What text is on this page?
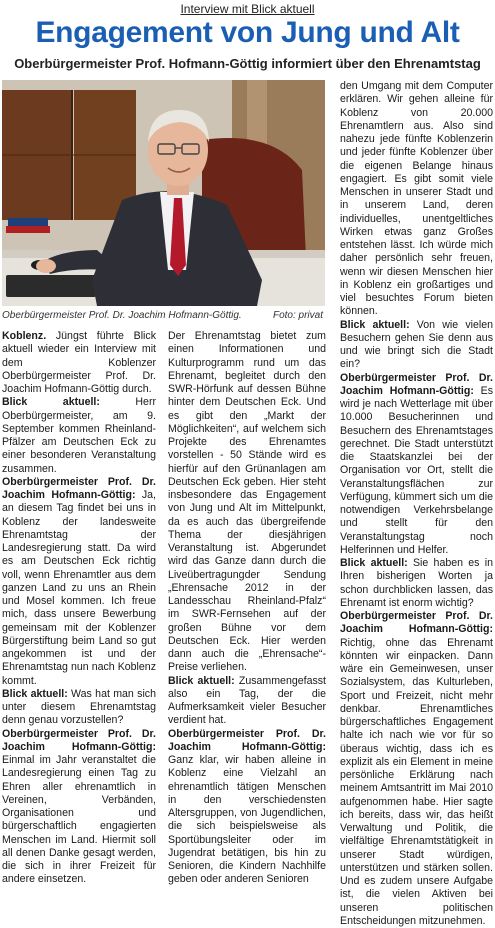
Interview mit Blick aktuell
Engagement von Jung und Alt
Oberbürgermeister Prof. Hofmann-Göttig informiert über den Ehrenamtstag
Oberbürgermeister Prof. Dr. Joachim Hofmann-Göttig.	Foto: privat

Koblenz. Jüngst führte Blick aktuell wieder ein Interview mit dem Koblenzer Oberbürgermeister Prof. Dr. Joachim Hofmann-Göttig durch.

Blick aktuell: Herr Oberbürgermeister, am 9. September kommen Rheinland-Pfälzer am Deutschen Eck zu einer besonderen Veranstaltung zusammen.

Oberbürgermeister Prof. Dr. Joachim Hofmann-Göttig: Ja, an diesem Tag findet bei uns in Koblenz der landesweite Ehrenamtstag der Landesregierung statt. Da wird es am Deutschen Eck richtig voll, wenn Ehrenamtler aus dem ganzen Land zu uns an Rhein und Mosel kommen. Ich freue mich, dass unsere Bewerbung gemeinsam mit der Koblenzer Bürgerstiftung beim Land so gut angekommen ist und der Ehrenamtstag nun nach Koblenz kommt.

Blick aktuell: Was hat man sich unter diesem Ehrenamtstag denn genau vorzustellen?

Oberbürgermeister Prof. Dr. Joachim Hofmann-Göttig: Einmal im Jahr veranstaltet die Landesregierung einen Tag zu Ehren aller ehrenamtlich in Vereinen, Verbänden, Organisationen und bürgerschaftlich engagierten Menschen im Land. Hiermit soll all denen Danke gesagt werden, die sich in ihrer Freizeit für andere einsetzen.

Der Ehrenamtstag bietet zum einen Informationen und Kulturprogramm rund um das Ehrenamt, begleitet durch den SWR-Hörfunk auf dessen Bühne hinter dem Deutschen Eck. Und es gibt den „Markt der Möglichkeiten“, auf welchem sich Projekte des Ehrenamtes vorstellen - 50 Stände wird es hierfür auf den Grünanlagen am Deutschen Eck geben. Hier steht insbesondere das Engagement von Jung und Alt im Mittelpunkt, da es auch das übergreifende Thema der diesjährigen Veranstaltung ist. Abgerundet wird das Ganze dann durch die Liveübertragungder Sendung „Ehrensache 2012 in der Landesschau Rheinland-Pfalz“ im SWR-Fernsehen auf der großen Bühne vor dem Deutschen Eck. Hier werden dann auch die „Ehrensache“-Preise verliehen.

Blick aktuell: Zusammengefasst also ein Tag, der die Aufmerksamkeit vieler Besucher verdient hat.

Oberbürgermeister Prof. Dr. Joachim Hofmann-Göttig: Ganz klar, wir haben alleine in Koblenz eine Vielzahl an ehrenamtlich tätigen Menschen in den verschiedensten Altersgruppen, von Jugendlichen, die sich beispielsweise als Sportübungsleiter oder im Jugendrat betätigen, bis hin zu Senioren, die Kindern Nachhilfe geben oder anderen Senioren

den Umgang mit dem Computer erklären. Wir gehen alleine für Koblenz von 20.000 Ehrenamtlern aus. Also sind nahezu jede fünfte Koblenzerin und jeder fünfte Koblenzer über die eigenen Belange hinaus engagiert. Es gibt somit viele Menschen in unserer Stadt und in unserem Land, deren individuelles, unentgeltliches Wirken etwas ganz Großes entstehen lässt. Ich würde mich daher persönlich sehr freuen, wenn wir diesen Menschen hier in Koblenz ein großartiges und viel besuchtes Forum bieten können.

Blick aktuell: Von wie vielen Besuchern gehen Sie denn aus und wie bringt sich die Stadt ein?

Oberbürgermeister Prof. Dr. Joachim Hofmann-Göttig: Es wird je nach Wetterlage mit über 10.000 Besucherinnen und Besuchern des Ehrenamtstages gerechnet. Die Stadt unterstützt die Staatskanzlei bei der Organisation vor Ort, stellt die Veranstaltungsflächen zur Verfügung, kümmert sich um die notwendigen Verkehrsbelange und stellt für den Veranstaltungstag noch Helferinnen und Helfer.

Blick aktuell: Sie haben es in Ihren bisherigen Worten ja schon durchblicken lassen, das Ehrenamt ist enorm wichtig?

Oberbürgermeister Prof. Dr. Joachim Hofmann-Göttig: Richtig, ohne das Ehrenamt könnten wir einpacken. Dann wäre ein Gemeinwesen, unser Sozialsystem, das Kulturleben, Sport und Freizeit, nicht mehr denkbar. Ehrenamtliches bürgerschaftliches Engagement halte ich nach wie vor für so überaus wichtig, dass ich es explizit als ein Element in meine persönliche Erklärung nach meinem Amtsantritt im Mai 2010 aufgenommen habe. Hier sagte ich bereits, dass wir, das heißt Verwaltung und Politik, die vielfältige Ehrenamtstätigkeit in unserer Stadt würdigen, unterstützen und stärken sollen. Und es zudem unsere Aufgabe ist, die vielen Aktiven bei unseren politischen Entscheidungen mitzunehmen.
